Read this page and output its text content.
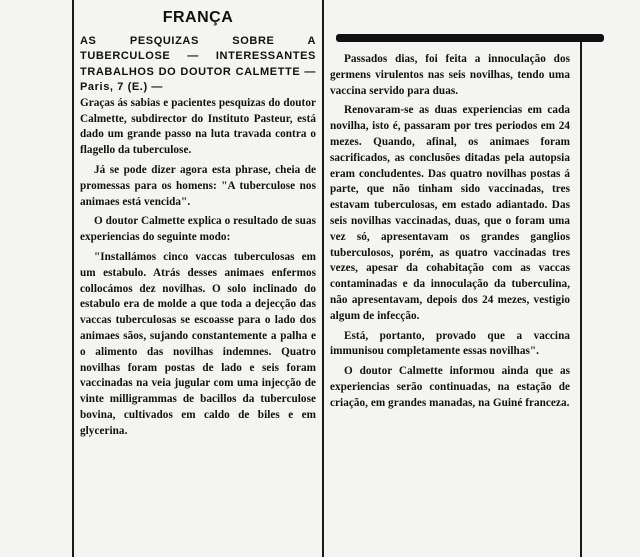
FRANÇA
AS PESQUIZAS SOBRE A TUBERCULOSE — INTERESSANTES TRABALHOS DO DOUTOR CALMETTE — Paris, 7 (E.) —

Graças ás sabias e pacientes pesquizas do doutor Calmette, subdirector do Instituto Pasteur, está dado um grande passo na luta travada contra o flagello da tuberculose.

Já se pode dizer agora esta phrase, cheia de promessas para os homens: "A tuberculose nos animaes está vencida".

O doutor Calmette explica o resultado de suas experiencias do seguinte modo:

"Installámos cinco vaccas tuberculosas em um estabulo. Atrás desses animaes enfermos collocámos dez novilhas. O solo inclinado do estabulo era de molde a que toda a dejecção das vaccas tuberculosas se escoasse para o lado dos animaes sãos, sujando constantemente a palha e o alimento das novilhas indemnes. Quatro novilhas foram postas de lado e seis foram vaccinadas na veia jugular com uma injecção de vinte milligrammas de bacillos da tuberculose bovina, cultivados em caldo de biles e em glycerina.

Passados dias, foi feita a innoculação dos germens virulentos nas seis novilhas, tendo uma vaccina servido para duas.

Renovaram-se as duas experiencias em cada novilha, isto é, passaram por tres periodos em 24 mezes. Quando, afinal, os animaes foram sacrificados, as conclusões ditadas pela autopsia eram concludentes. Das quatro novilhas postas á parte, que não tinham sido vaccinadas, tres estavam tuberculosas, em estado adiantado. Das seis novilhas vaccinadas, duas, que o foram uma vez só, apresentavam os grandes ganglios tuberculosos, porém, as quatro vaccinadas tres vezes, apesar da cohabitação com as vaccas contaminadas e da innoculação da tuberculina, não apresentavam, depois dos 24 mezes, vestigio algum de infecção.

Está, portanto, provado que a vaccina immunisou completamente essas novilhas".

O doutor Calmette informou ainda que as experiencias serão continuadas, na estação de criação, em grandes manadas, na Guiné franceza.
